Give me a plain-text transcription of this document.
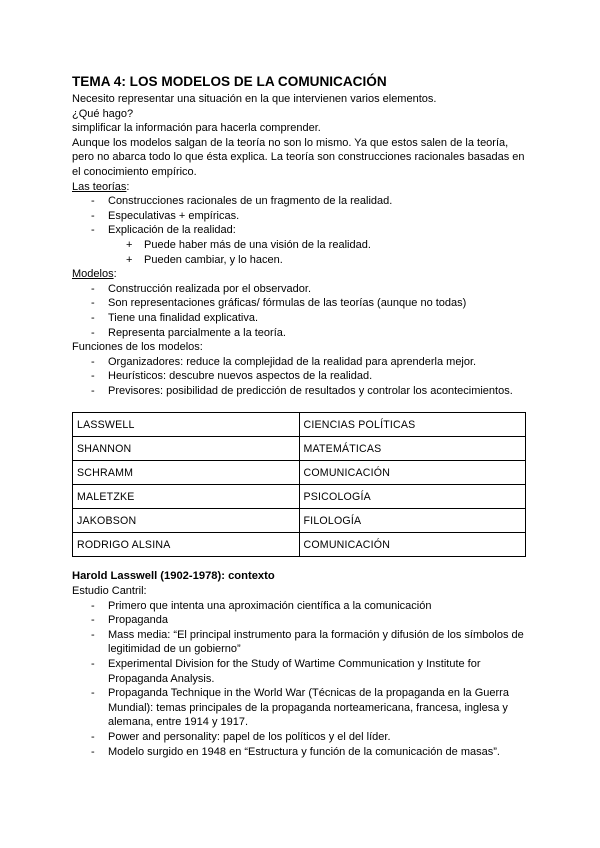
TEMA 4: LOS MODELOS DE LA COMUNICACIÓN

Necesito representar una situación en la que intervienen varios elementos.

¿Qué hago?

simplificar la información para hacerla comprender.

Aunque los modelos salgan de la teoría no son lo mismo. Ya que estos salen de la teoría, pero no abarca todo lo que ésta explica. La teoría son construcciones racionales basadas en el conocimiento empírico.

Las teorías:

- Construcciones racionales de un fragmento de la realidad.
- Especulativas + empíricas.
- Explicación de la realidad:
+ Puede haber más de una visión de la realidad.
+ Pueden cambiar, y lo hacen.

Modelos:

- Construcción realizada por el observador.
- Son representaciones gráficas/ fórmulas de las teorías (aunque no todas)
- Tiene una finalidad explicativa.
- Representa parcialmente a la teoría.

Funciones de los modelos:

- Organizadores: reduce la complejidad de la realidad para aprenderla mejor.
- Heurísticos: descubre nuevos aspectos de la realidad.
- Previsores: posibilidad de predicción de resultados y controlar los acontecimientos.
LASSWELL	CIENCIAS POLÍTICAS
SHANNON	MATEMÁTICAS
SCHRAMM	COMUNICACIÓN
MALETZKE	PSICOLOGÍA
JAKOBSON	FILOLOGÍA
RODRIGO ALSINA	COMUNICACIÓN
Harold Lasswell (1902-1978): contexto

Estudio Cantril:

- Primero que intenta una aproximación científica a la comunicación
- Propaganda
- Mass media: “El principal instrumento para la formación y difusión de los símbolos de legitimidad de un gobierno”
- Experimental Division for the Study of Wartime Communication y Institute for Propaganda Analysis.
- Propaganda Technique in the World War (Técnicas de la propaganda en la Guerra Mundial): temas principales de la propaganda norteamericana, francesa, inglesa y alemana, entre 1914 y 1917.
- Power and personality: papel de los políticos y el del líder.
- Modelo surgido en 1948 en “Estructura y función de la comunicación de masas”.
